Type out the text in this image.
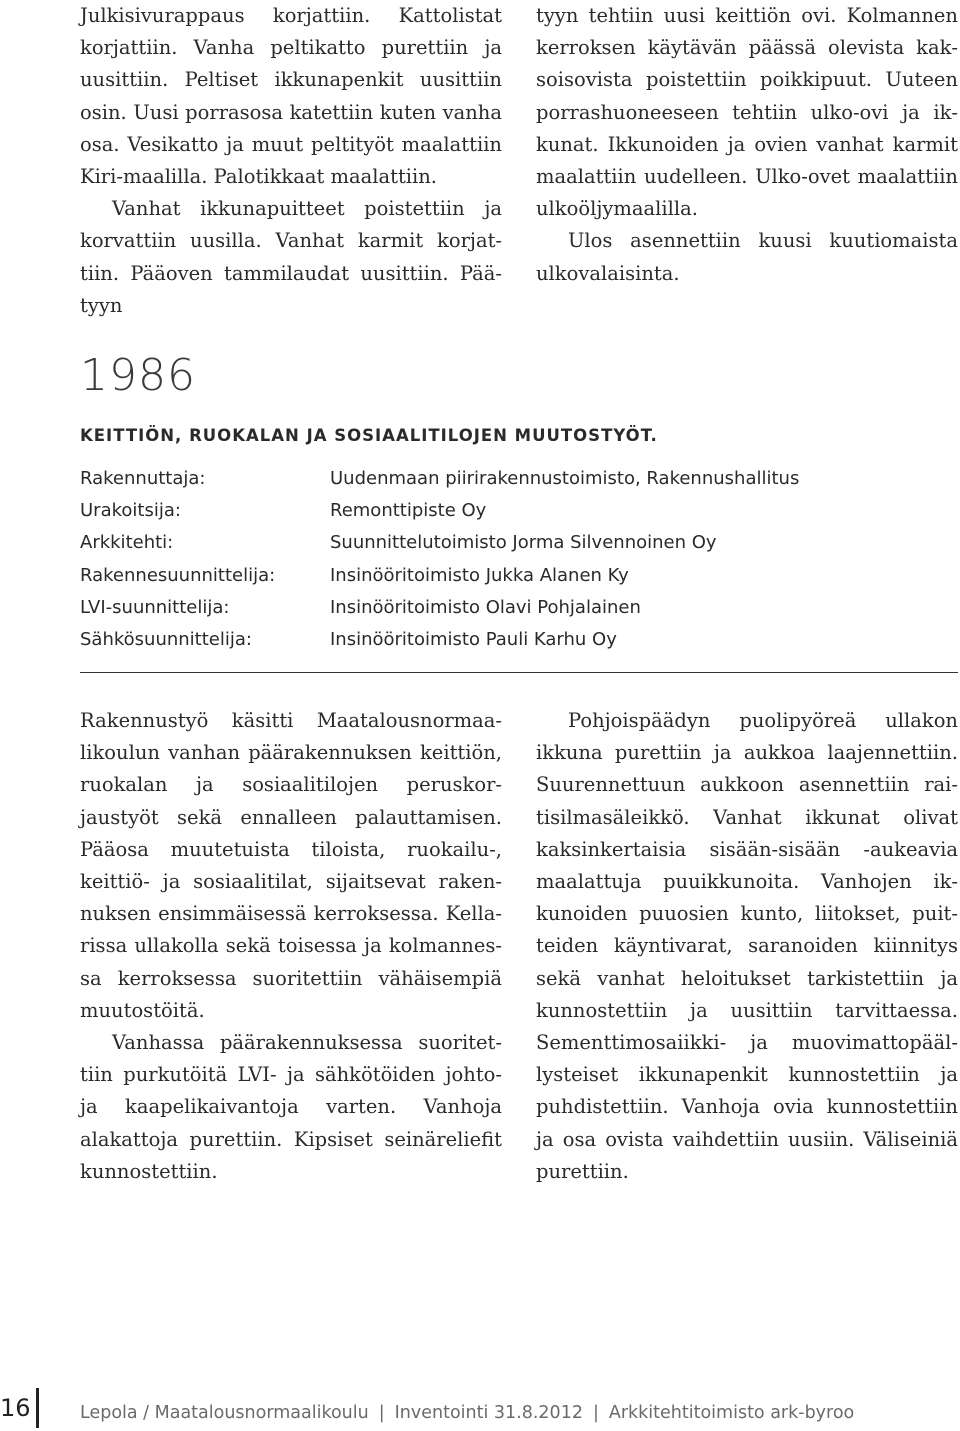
Julkisivurappaus korjattiin. Kattolistat korjattiin. Vanha peltikatto purettiin ja uusittiin. Peltiset ikkunapenkit uusittiin osin. Uusi porrasosa katettiin kuten vanha osa. Vesikatto ja muut peltityöt maalattiin Kiri-maalilla. Palotikkaat maalattiin.

Vanhat ikkunapuitteet poistettiin ja korvattiin uusilla. Vanhat karmit korjattiin. Pääoven tammilaudat uusittiin. Päätyyn

tyyn tehtiin uusi keittiön ovi. Kolmannen kerroksen käytävän päässä olevista kaksoisovista poistettiin poikkipuut. Uuteen porrashuoneeseen tehtiin ulko-ovi ja ikkunat. Ikkunoiden ja ovien vanhat karmit maalattiin uudelleen. Ulko-ovet maalattiin ulkoöljymaalilla.

Ulos asennettiin kuusi kuutiomaista ulkovalaisinta.

1986
KEITTIÖN, RUOKALAN JA SOSIAALITILOJEN MUUTOSTYÖT.
Rakennuttaja:	Uudenmaan piirirakennustoimisto, Rakennushallitus
Urakoitsija:	Remonttipiste Oy
Arkkitehti:	Suunnittelutoimisto Jorma Silvennoinen Oy
Rakennesuunnittelija:	Insinööritoimisto Jukka Alanen Ky
LVI-suunnittelija:	Insinööritoimisto Olavi Pohjalainen
Sähkösuunnittelija:	Insinööritoimisto Pauli Karhu Oy

Rakennustyö käsitti Maatalousnormaalikoulun vanhan päärakennuksen keittiön, ruokalan ja sosiaalitilojen peruskorjaustyöt sekä ennalleen palauttamisen. Pääosa muutetuista tiloista, ruokailu-, keittiö- ja sosiaalitilat, sijaitsevat rakennuksen ensimmäisessä kerroksessa. Kellarissa ullakolla sekä toisessa ja kolmannessa kerroksessa suoritettiin vähäisempiä muutostöitä.

Vanhassa päärakennuksessa suoritettiin purkutöitä LVI- ja sähkötöiden johto- ja kaapelikaivantoja varten. Vanhoja alakattoja purettiin. Kipsiset seinäreliefit kunnostettiin.

Pohjoispäädyn puolipyöreä ullakon ikkuna purettiin ja aukkoa laajennettiin. Suurennettuun aukkoon asennettiin raitisilmasäleikkö. Vanhat ikkunat olivat kaksinkertaisia sisään-sisään -aukeavia maalattuja puuikkunoita. Vanhojen ikkunoiden puuosien kunto, liitokset, puitteiden käyntivarat, saranoiden kiinnitys sekä vanhat heloitukset tarkistettiin ja kunnostettiin ja uusittiin tarvittaessa. Sementtimosaiikki- ja muovimattopäällysteiset ikkunapenkit kunnostettiin ja puhdistettiin. Vanhoja ovia kunnostettiin ja osa ovista vaihdettiin uusiin. Väliseiniä purettiin.

16	Lepola / Maatalousnormaalikoulu | Inventointi 31.8.2012 | Arkkitehtitoimisto ark-byroo
